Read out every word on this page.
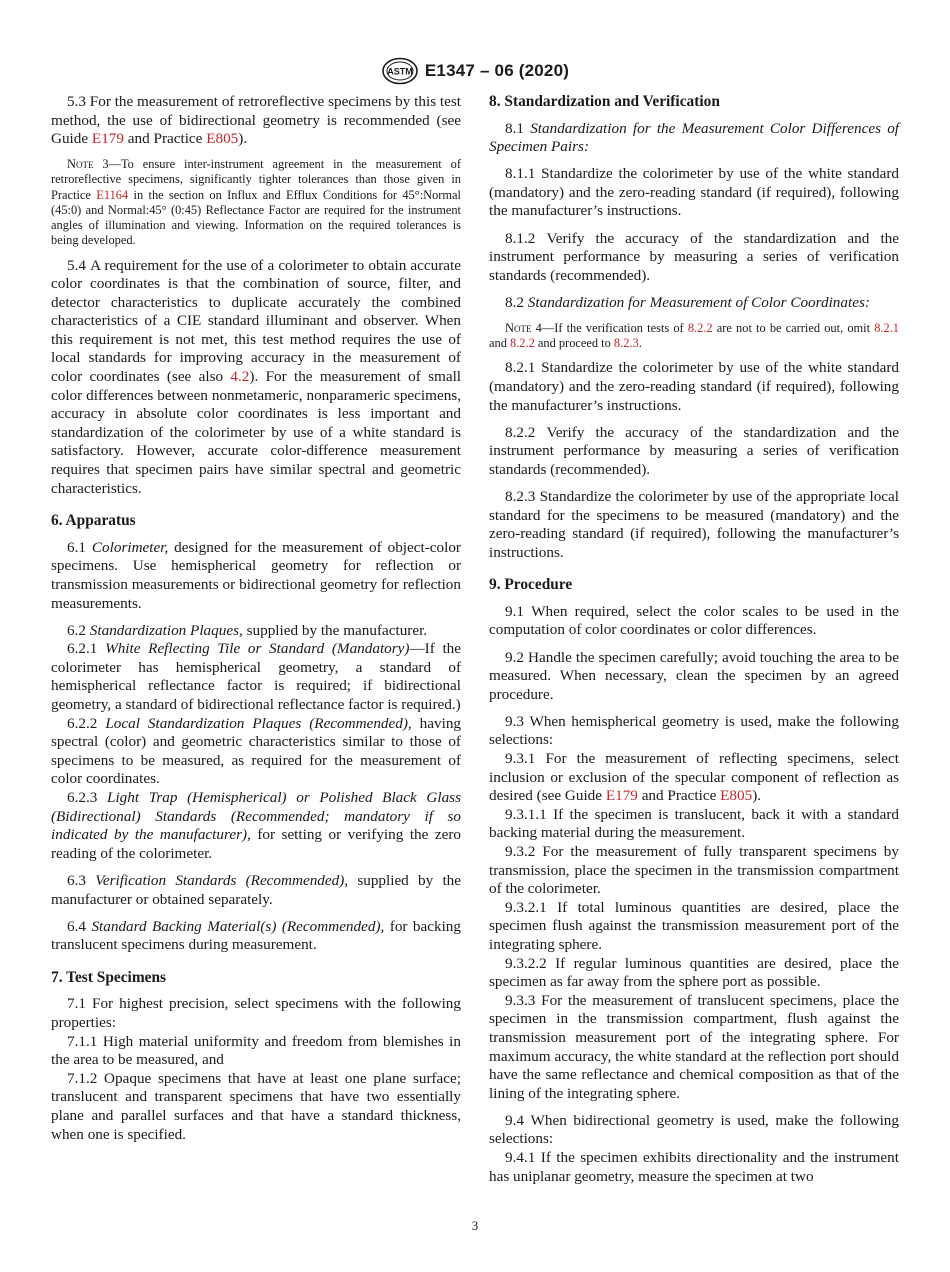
ASTM E1347 – 06 (2020)

5.3 For the measurement of retroreflective specimens by this test method, the use of bidirectional geometry is recommended (see Guide E179 and Practice E805).

Note 3—To ensure inter-instrument agreement in the measurement of retroreflective specimens, significantly tighter tolerances than those given in Practice E1164 in the section on Influx and Efflux Conditions for 45°:Normal (45:0) and Normal:45° (0:45) Reflectance Factor are required for the instrument angles of illumination and viewing. Information on the required tolerances is being developed.

5.4 A requirement for the use of a colorimeter to obtain accurate color coordinates is that the combination of source, filter, and detector characteristics to duplicate accurately the combined characteristics of a CIE standard illuminant and observer. When this requirement is not met, this test method requires the use of local standards for improving accuracy in the measurement of color coordinates (see also 4.2). For the measurement of small color differences between nonmetameric, nonparameric specimens, accuracy in absolute color coordinates is less important and standardization of the colorimeter by use of a white standard is satisfactory. However, accurate color-difference measurement requires that specimen pairs have similar spectral and geometric characteristics.

6. Apparatus

6.1 Colorimeter, designed for the measurement of object-color specimens. Use hemispherical geometry for reflection or transmission measurements or bidirectional geometry for reflection measurements.

6.2 Standardization Plaques, supplied by the manufacturer.

6.2.1 White Reflecting Tile or Standard (Mandatory)—If the colorimeter has hemispherical geometry, a standard of hemispherical reflectance factor is required; if bidirectional geometry, a standard of bidirectional reflectance factor is required.)

6.2.2 Local Standardization Plaques (Recommended), having spectral (color) and geometric characteristics similar to those of specimens to be measured, as required for the measurement of color coordinates.

6.2.3 Light Trap (Hemispherical) or Polished Black Glass (Bidirectional) Standards (Recommended; mandatory if so indicated by the manufacturer), for setting or verifying the zero reading of the colorimeter.

6.3 Verification Standards (Recommended), supplied by the manufacturer or obtained separately.

6.4 Standard Backing Material(s) (Recommended), for backing translucent specimens during measurement.

7. Test Specimens

7.1 For highest precision, select specimens with the following properties:

7.1.1 High material uniformity and freedom from blemishes in the area to be measured, and

7.1.2 Opaque specimens that have at least one plane surface; translucent and transparent specimens that have two essentially plane and parallel surfaces and that have a standard thickness, when one is specified.

8. Standardization and Verification

8.1 Standardization for the Measurement Color Differences of Specimen Pairs:

8.1.1 Standardize the colorimeter by use of the white standard (mandatory) and the zero-reading standard (if required), following the manufacturer’s instructions.

8.1.2 Verify the accuracy of the standardization and the instrument performance by measuring a series of verification standards (recommended).

8.2 Standardization for Measurement of Color Coordinates:

Note 4—If the verification tests of 8.2.2 are not to be carried out, omit 8.2.1 and 8.2.2 and proceed to 8.2.3.

8.2.1 Standardize the colorimeter by use of the white standard (mandatory) and the zero-reading standard (if required), following the manufacturer’s instructions.

8.2.2 Verify the accuracy of the standardization and the instrument performance by measuring a series of verification standards (recommended).

8.2.3 Standardize the colorimeter by use of the appropriate local standard for the specimens to be measured (mandatory) and the zero-reading standard (if required), following the manufacturer’s instructions.

9. Procedure

9.1 When required, select the color scales to be used in the computation of color coordinates or color differences.

9.2 Handle the specimen carefully; avoid touching the area to be measured. When necessary, clean the specimen by an agreed procedure.

9.3 When hemispherical geometry is used, make the following selections:

9.3.1 For the measurement of reflecting specimens, select inclusion or exclusion of the specular component of reflection as desired (see Guide E179 and Practice E805).

9.3.1.1 If the specimen is translucent, back it with a standard backing material during the measurement.

9.3.2 For the measurement of fully transparent specimens by transmission, place the specimen in the transmission compartment of the colorimeter.

9.3.2.1 If total luminous quantities are desired, place the specimen flush against the transmission measurement port of the integrating sphere.

9.3.2.2 If regular luminous quantities are desired, place the specimen as far away from the sphere port as possible.

9.3.3 For the measurement of translucent specimens, place the specimen in the transmission compartment, flush against the transmission measurement port of the integrating sphere. For maximum accuracy, the white standard at the reflection port should have the same reflectance and chemical composition as that of the lining of the integrating sphere.

9.4 When bidirectional geometry is used, make the following selections:

9.4.1 If the specimen exhibits directionality and the instrument has uniplanar geometry, measure the specimen at two

3
